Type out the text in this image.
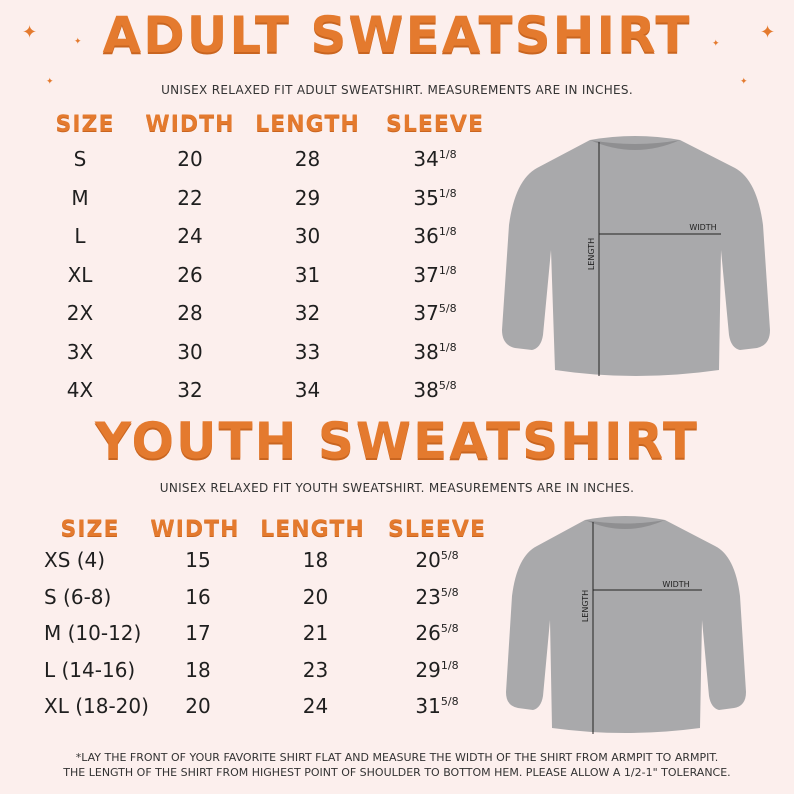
✦	✦
✦
✦
✦
✦
ADULT SWEATSHIRT
UNISEX RELAXED FIT ADULT SWEATSHIRT. MEASUREMENTS ARE IN INCHES.
SIZE	WIDTH LENGTH SLEEVE
S	20	28	$34^{1/8}$
M	22	29	$35^{1/8}$
L	24	30	$36^{1/8}$
XL	26	31	$37^{1/8}$
2X	28	32	$37^{5/8}$
3X	30	33	$38^{1/8}$
4X	32	34	$38^{5/8}$
WIDTH
LENGTH
YOUTH SWEATSHIRT
UNISEX RELAXED FIT YOUTH SWEATSHIRT. MEASUREMENTS ARE IN INCHES.
SIZE	WIDTH LENGTH SLEEVE
XS (4)	15	18	$20^{5/8}$
S (6-8)	16	20	$23^{5/8}$
M (10-12)	17	21	$26^{5/8}$
L (14-16)	18	23	$29^{1/8}$
XL (18-20)	20	24	$31^{5/8}$
WIDTH
LENGTH
*LAY THE FRONT OF YOUR FAVORITE SHIRT FLAT AND MEASURE THE WIDTH OF THE SHIRT FROM ARMPIT TO ARMPIT.
THE LENGTH OF THE SHIRT FROM HIGHEST POINT OF SHOULDER TO BOTTOM HEM. PLEASE ALLOW A 1/2-1" TOLERANCE.
